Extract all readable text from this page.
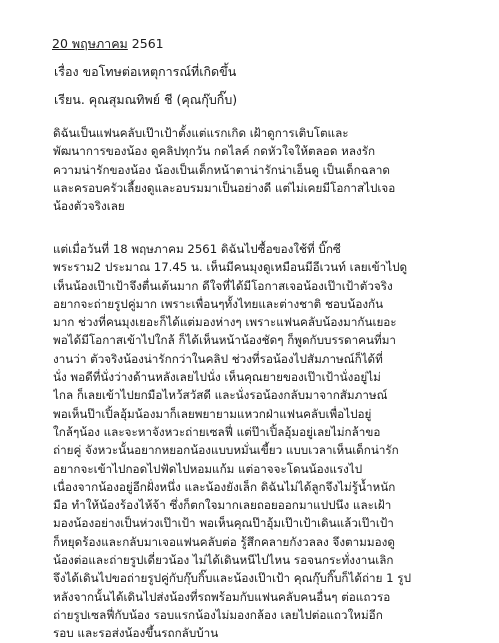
20 พฤษภาคม 2561
เรื่อง ขอโทษต่อเหตุการณ์ที่เกิดขึ้น
เรียน. คุณสุมณทิพย์ ชี (คุณกุ๊บกิ๊บ)
ดิฉันเป็นแฟนคลับเป๊าเป้าตั้งแต่แรกเกิด เฝ้าดูการเติบโตและ
พัฒนาการของน้อง ดูคลิปทุกวัน กดไลค์ กดหัวใจให้ตลอด หลงรัก
ความน่ารักของน้อง น้องเป็นเด็กหน้าตาน่ารักน่าเอ็นดู เป็นเด็กฉลาด
และครอบครัวเลี้ยงดูและอบรมมาเป็นอย่างดี แต่ไม่เคยมีโอกาสไปเจอ
น้องตัวจริงเลย
แต่เมื่อวันที่ 18 พฤษภาคม 2561 ดิฉันไปซื้อของใช้ที่ บิ๊กซี
พระราม2 ประมาณ 17.45 น. เห็นมีคนมุงดูเหมือนมีอีเวนท์ เลยเข้าไปดู
เห็นน้องเป๊าเป้าจึงตื่นเต้นมาก ดีใจที่ได้มีโอกาสเจอน้องเป๊าเป้าตัวจริง
อยากจะถ่ายรูปคู่มาก เพราะเพื่อนๆทั้งไทยและต่างชาติ ชอบน้องกัน
มาก ช่วงที่คนมุงเยอะก็ได้แต่มองห่างๆ เพราะแฟนคลับน้องมากันเยอะ
พอได้มีโอกาสเข้าไปใกล้ ก็ได้เห็นหน้าน้องชัดๆ ก็พูดกับบรรดาคนที่มา
งานว่า ตัวจริงน้องน่ารักกว่าในคลิป ช่วงที่รอน้องไปสัมภาษณ์ก็ได้ที่
นั่ง พอดีที่นั่งว่างด้านหลังเลยไปนั่ง เห็นคุณยายของเป๊าเป้านั่งอยู่ไม่
ไกล ก็เลยเข้าไปยกมือไหว้สวัสดี และนั่งรอน้องกลับมาจากสัมภาษณ์
พอเห็นป๊าเปิ้ลอุ้มน้องมาก็เลยพยายามแหวกฝ่าแฟนคลับเพื่อไปอยู่
ใกล้ๆน้อง และจะหาจังหวะถ่ายเซลฟี่ แต่ป๊าเปิ้ลอุ้มอยู่เลยไม่กล้าขอ
ถ่ายคู่ จังหวะนั้นอยากหยอกน้องแบบหมั่นเขี้ยว แบบเวลาเห็นเด็กน่ารัก
อยากจะเข้าไปกอดไปฟัดไปหอมแก้ม แต่อาจจะโดนน้องแรงไป
เนื่องจากน้องอยู่อีกฝั่งหนึ่ง และน้องยังเล็ก ดิฉันไม่ได้ลูกจึงไม่รู้น้ำหนัก
มือ ทำให้น้องร้องไห้จ้า ซึ่งก็ตกใจมากเลยถอยออกมาแปปนึง และเฝ้า
มองน้องอย่างเป็นห่วงเป๊าเป้า พอเห็นคุณป๊าอุ้มเป๊าเป้าเดินแล้วเป๊าเป้า
ก็หยุดร้องและกลับมาเจอแฟนคลับต่อ รู้สึกคลายกังวลลง จึงตามมองดู
น้องต่อและถ่ายรูปเดี่ยวน้อง ไม่ได้เดินหนีไปไหน รอจนกระทั่งงานเลิก
จึงได้เดินไปขอถ่ายรูปคู่กับกุ๊บกิ๊บและน้องเป๊าเป้า คุณกุ๊บกิ๊บก็ได้ถ่าย 1 รูป
หลังจากนั้นได้เดินไปส่งน้องที่รถพร้อมกับแฟนคลับคนอื่นๆ ต่อแถวรอ
ถ่ายรูปเซลฟี่กับน้อง รอบแรกน้องไม่มองกล้อง เลยไปต่อแถวใหม่อีก
รอบ และรอส่งน้องขึ้นรถกลับบ้าน
